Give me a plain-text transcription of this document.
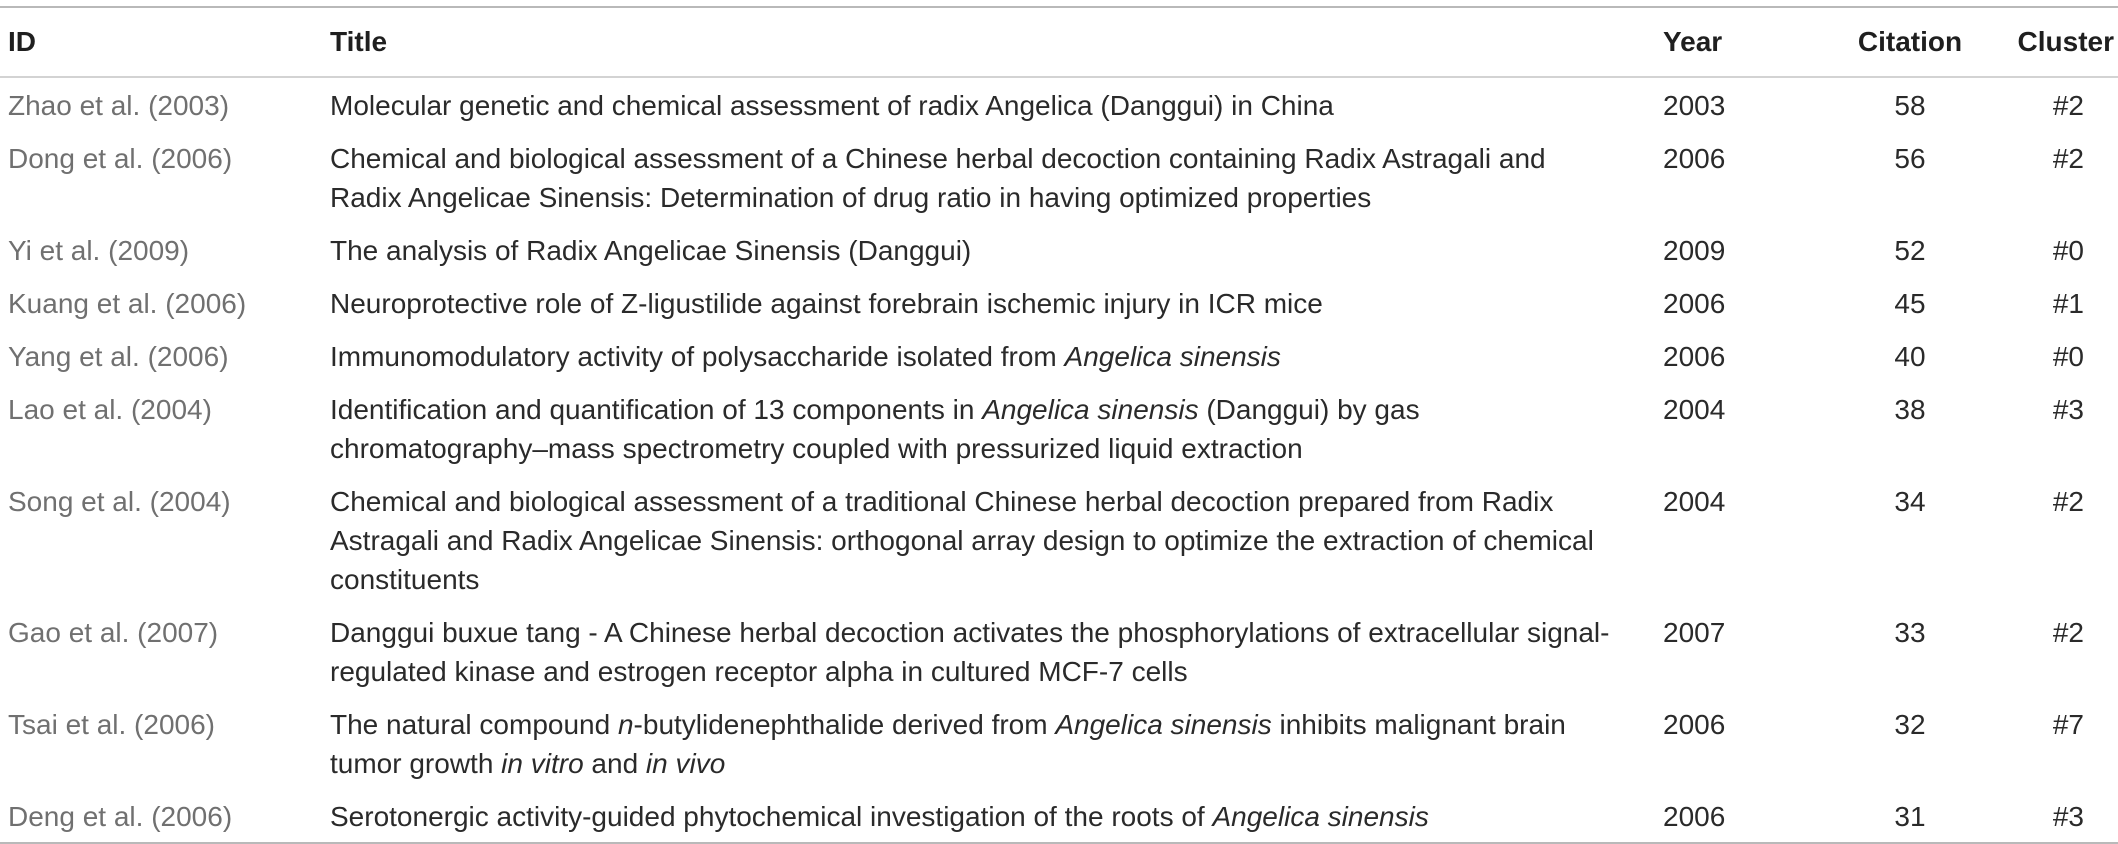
ID	Title	Year	Citation	Cluster
Zhao et al. (2003)	Molecular genetic and chemical assessment of radix Angelica (Danggui) in China	2003	58	#2
Dong et al. (2006)	Chemical and biological assessment of a Chinese herbal decoction containing Radix Astragali and Radix Angelicae Sinensis: Determination of drug ratio in having optimized properties	2006	56	#2
Yi et al. (2009)	The analysis of Radix Angelicae Sinensis (Danggui)	2009	52	#0
Kuang et al. (2006)	Neuroprotective role of Z-ligustilide against forebrain ischemic injury in ICR mice	2006	45	#1
Yang et al. (2006)	Immunomodulatory activity of polysaccharide isolated from Angelica sinensis	2006	40	#0
Lao et al. (2004)	Identification and quantification of 13 components in Angelica sinensis (Danggui) by gas chromatography–mass spectrometry coupled with pressurized liquid extraction	2004	38	#3
Song et al. (2004)	Chemical and biological assessment of a traditional Chinese herbal decoction prepared from Radix Astragali and Radix Angelicae Sinensis: orthogonal array design to optimize the extraction of chemical constituents	2004	34	#2
Gao et al. (2007)	Danggui buxue tang - A Chinese herbal decoction activates the phosphorylations of extracellular signal-regulated kinase and estrogen receptor alpha in cultured MCF-7 cells	2007	33	#2
Tsai et al. (2006)	The natural compound n-butylidenephthalide derived from Angelica sinensis inhibits malignant brain tumor growth in vitro and in vivo	2006	32	#7
Deng et al. (2006)	Serotonergic activity-guided phytochemical investigation of the roots of Angelica sinensis	2006	31	#3
